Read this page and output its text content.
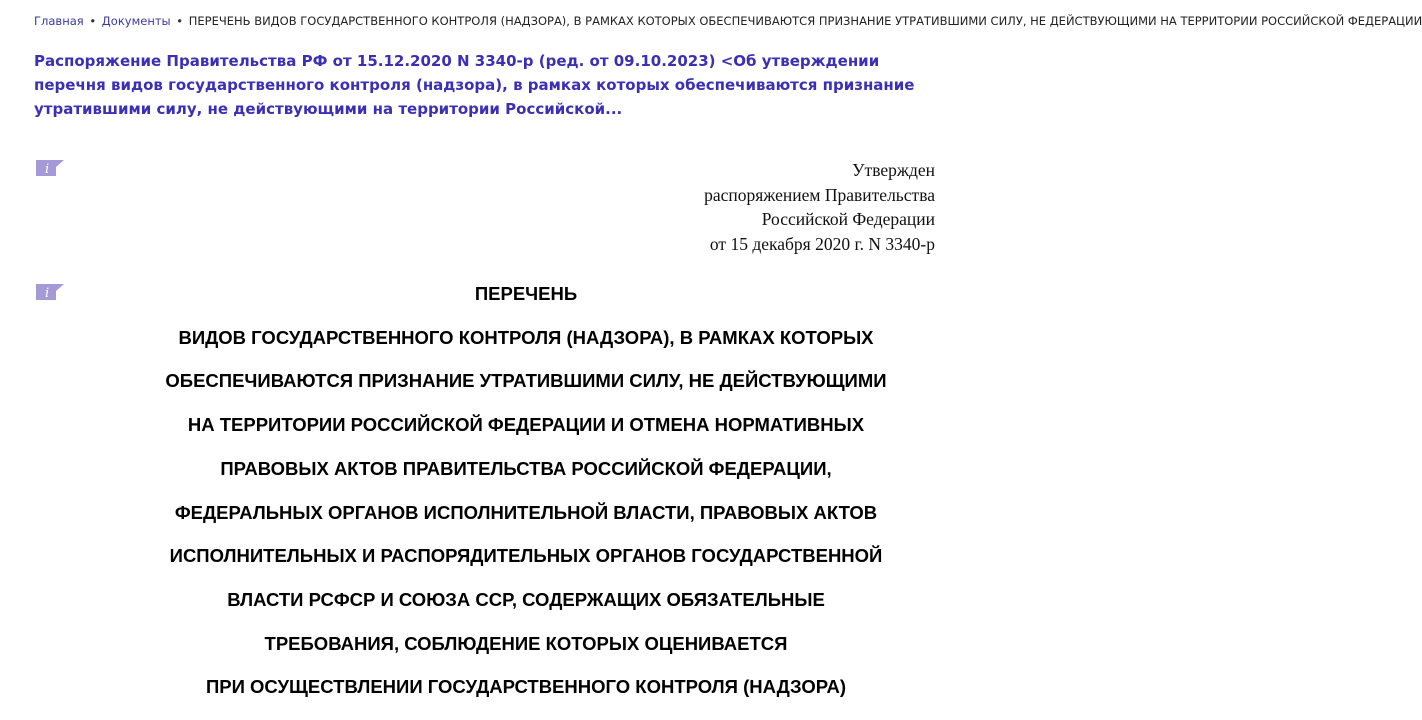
Главная • Документы • ПЕРЕЧЕНЬ ВИДОВ ГОСУДАРСТВЕННОГО КОНТРОЛЯ (НАДЗОРА), В РАМКАХ КОТОРЫХ ОБЕСПЕЧИВАЮТСЯ ПРИЗНАНИЕ УТРАТИВШИМИ СИЛУ, НЕ ДЕЙСТВУЮЩИМИ НА ТЕРРИТОРИИ РОССИЙСКОЙ ФЕДЕРАЦИИ
Распоряжение Правительства РФ от 15.12.2020 N 3340-р (ред. от 09.10.2023) <Об утверждении перечня видов государственного контроля (надзора), в рамках которых обеспечиваются признание утратившими силу, не действующими на территории Российской...
i	Утвержден
распоряжением Правительства
Российской Федерации
от 15 декабря 2020 г. N 3340-р
i	ПЕРЕЧЕНЬ
ВИДОВ ГОСУДАРСТВЕННОГО КОНТРОЛЯ (НАДЗОРА), В РАМКАХ КОТОРЫХ
ОБЕСПЕЧИВАЮТСЯ ПРИЗНАНИЕ УТРАТИВШИМИ СИЛУ, НЕ ДЕЙСТВУЮЩИМИ
НА ТЕРРИТОРИИ РОССИЙСКОЙ ФЕДЕРАЦИИ И ОТМЕНА НОРМАТИВНЫХ
ПРАВОВЫХ АКТОВ ПРАВИТЕЛЬСТВА РОССИЙСКОЙ ФЕДЕРАЦИИ,
ФЕДЕРАЛЬНЫХ ОРГАНОВ ИСПОЛНИТЕЛЬНОЙ ВЛАСТИ, ПРАВОВЫХ АКТОВ
ИСПОЛНИТЕЛЬНЫХ И РАСПОРЯДИТЕЛЬНЫХ ОРГАНОВ ГОСУДАРСТВЕННОЙ
ВЛАСТИ РСФСР И СОЮЗА ССР, СОДЕРЖАЩИХ ОБЯЗАТЕЛЬНЫЕ
ТРЕБОВАНИЯ, СОБЛЮДЕНИЕ КОТОРЫХ ОЦЕНИВАЕТСЯ
ПРИ ОСУЩЕСТВЛЕНИИ ГОСУДАРСТВЕННОГО КОНТРОЛЯ (НАДЗОРА)
